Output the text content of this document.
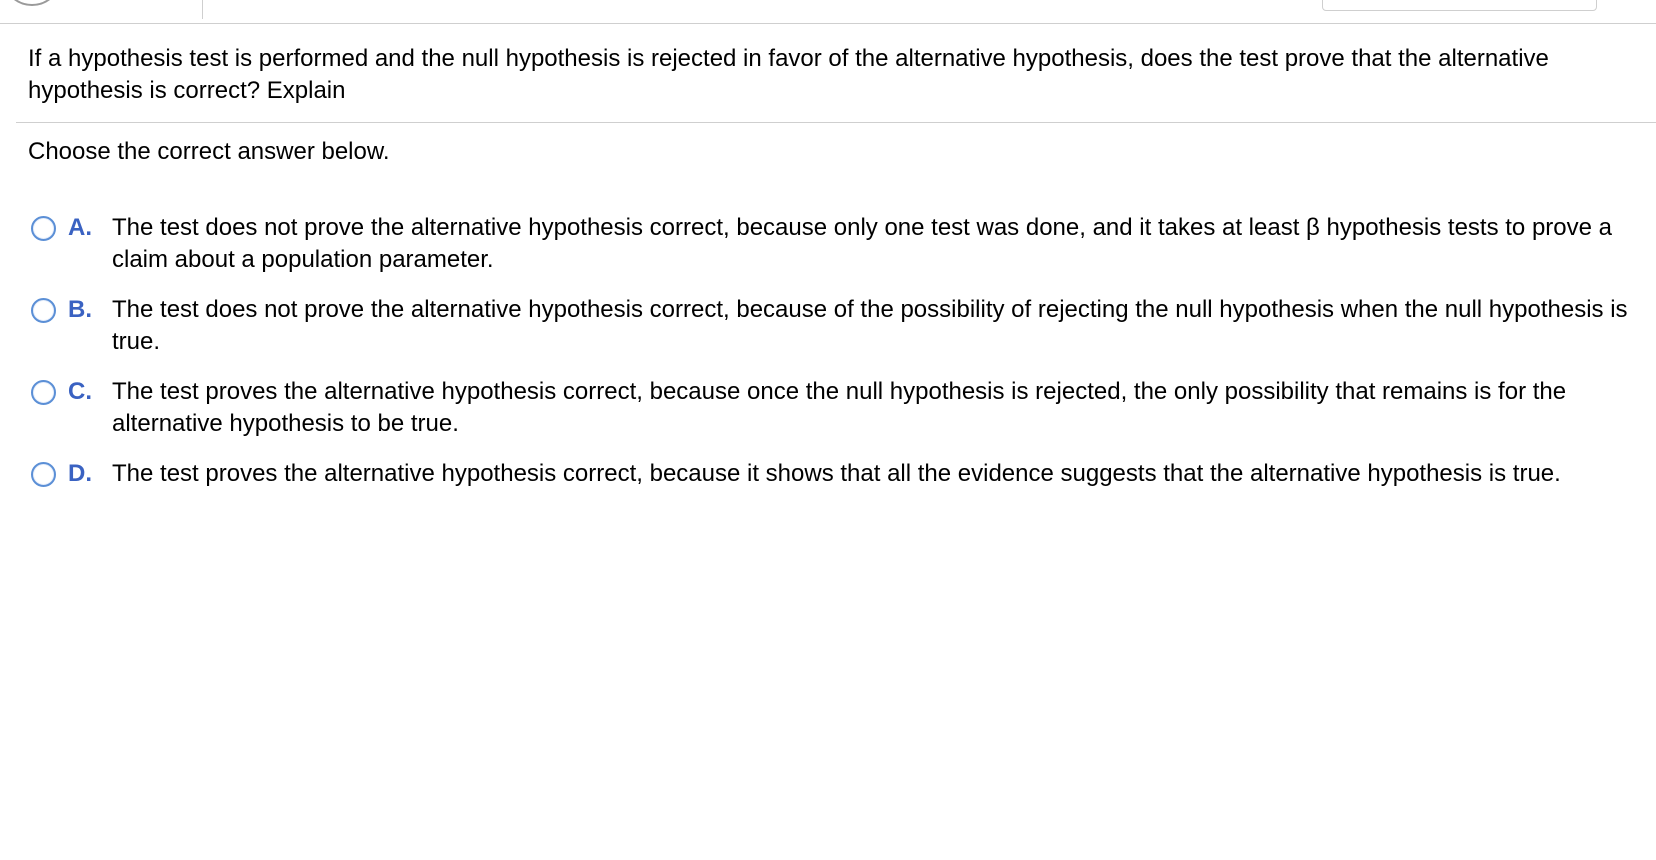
If a hypothesis test is performed and the null hypothesis is rejected in favor of the alternative hypothesis, does the test prove that the alternative hypothesis is correct? Explain
Choose the correct answer below.
A. The test does not prove the alternative hypothesis correct, because only one test was done, and it takes at least β hypothesis tests to prove a claim about a population parameter.
B. The test does not prove the alternative hypothesis correct, because of the possibility of rejecting the null hypothesis when the null hypothesis is true.
C. The test proves the alternative hypothesis correct, because once the null hypothesis is rejected, the only possibility that remains is for the alternative hypothesis to be true.
D. The test proves the alternative hypothesis correct, because it shows that all the evidence suggests that the alternative hypothesis is true.
